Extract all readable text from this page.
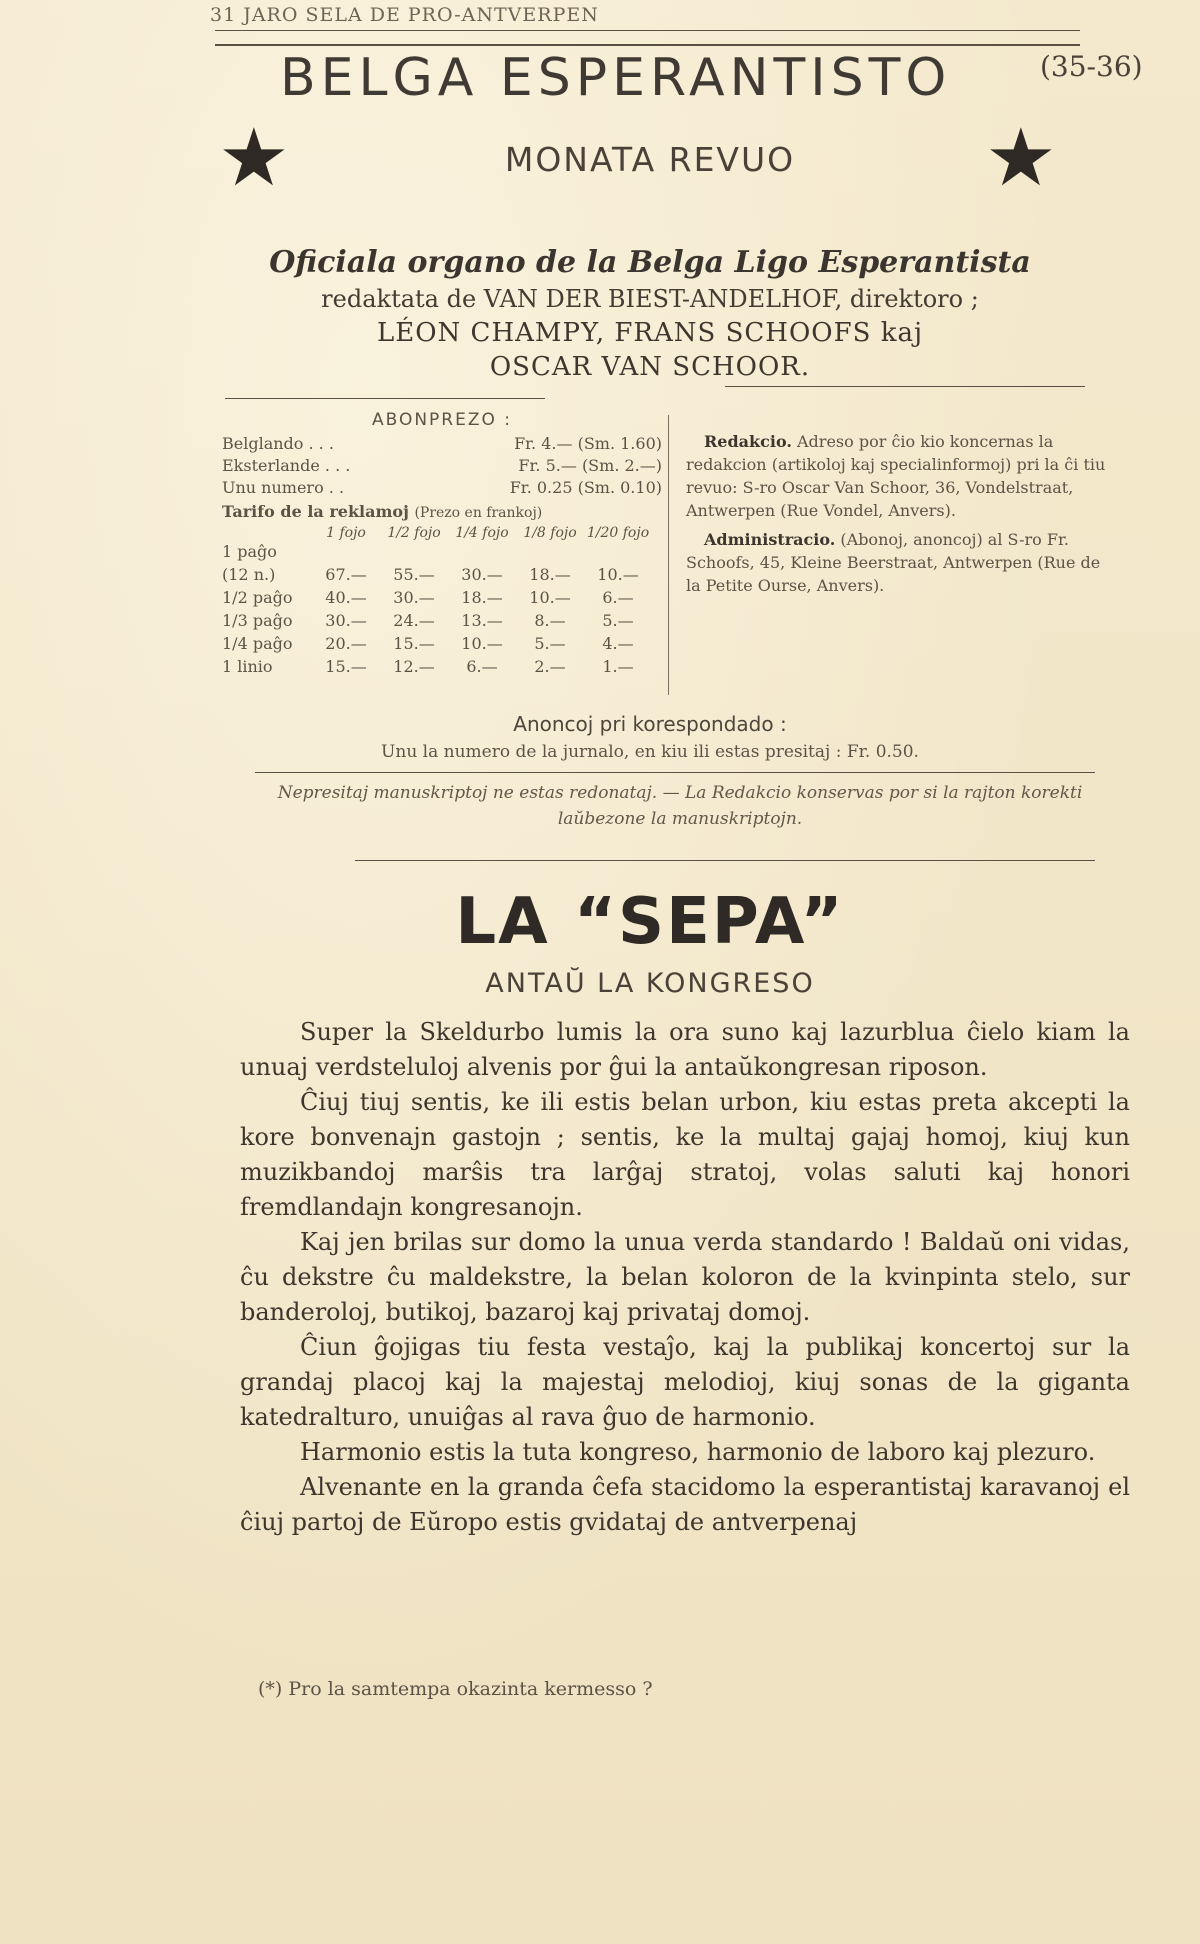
31 JARO SELA DE PRO-ANTVERPEN
BELGA ESPERANTISTO	(35-36)
★	★
MONATA REVUO
Oficiala organo de la Belga Ligo Esperantista
redaktata de VAN DER BIEST-ANDELHOF, direktoro ;
LÉON CHAMPY, FRANS SCHOOFS kaj
OSCAR VAN SCHOOR.
ABONPREZO :
Belglando . . .	Fr. 4.— (Sm. 1.60)
Eksterlande . . .	Fr. 5.— (Sm. 2.—)
Unu numero . .	Fr. 0.25 (Sm. 0.10)
Tarifo de la reklamoj (Prezo en frankoj)
1 fojo	1/2 fojo	1/4 fojo	1/8 fojo 1/20 fojo
1 paĝo
(12 n.)	67.—	55.—	30.—	18.—	10.—
1/2 paĝo	40.—	30.—	18.—	10.—	6.—
1/3 paĝo	30.—	24.—	13.—	8.—	5.—
1/4 paĝo	20.—	15.—	10.—	5.—	4.—
1 linio	15.—	12.—	6.—	2.—	1.—

Redakcio. Adreso por ĉio kio koncernas la redakcion (artikoloj kaj specialinformoj) pri la ĉi tiu revuo: S-ro Oscar Van Schoor, 36, Vondelstraat, Antwerpen (Rue Vondel, Anvers).

Administracio. (Abonoj, anoncoj) al S-ro Fr. Schoofs, 45, Kleine Beerstraat, Antwerpen (Rue de la Petite Ourse, Anvers).

Anoncoj pri korespondado :
Unu la numero de la jurnalo, en kiu ili estas presitaj : Fr. 0.50.
Nepresitaj manuskriptoj ne estas redonataj. — La Redakcio konservas por si la rajton korekti laŭbezone la manuskriptojn.
LA “SEPA”
ANTAŬ LA KONGRESO

Super la Skeldurbo lumis la ora suno kaj lazurblua ĉielo kiam la unuaj verdsteluloj alvenis por ĝui la antaŭkongresan riposon.

Ĉiuj tiuj sentis, ke ili estis belan urbon, kiu estas preta akcepti la kore bonvenajn gastojn ; sentis, ke la multaj gajaj homoj, kiuj kun muzikbandoj marŝis tra larĝaj stratoj, volas saluti kaj honori fremdlandajn kongresanojn.

Kaj jen brilas sur domo la unua verda standardo ! Baldaŭ oni vidas, ĉu dekstre ĉu maldekstre, la belan koloron de la kvinpinta stelo, sur banderoloj, butikoj, bazaroj kaj privataj domoj.

Ĉiun ĝojigas tiu festa vestaĵo, kaj la publikaj koncertoj sur la grandaj placoj kaj la majestaj melodioj, kiuj sonas de la giganta katedralturo, unuiĝas al rava ĝuo de harmonio.

Harmonio estis la tuta kongreso, harmonio de laboro kaj plezuro.

Alvenante en la granda ĉefa stacidomo la esperantistaj karavanoj el ĉiuj partoj de Eŭropo estis gvidataj de antverpenaj

(*) Pro la samtempa okazinta kermesso ?
